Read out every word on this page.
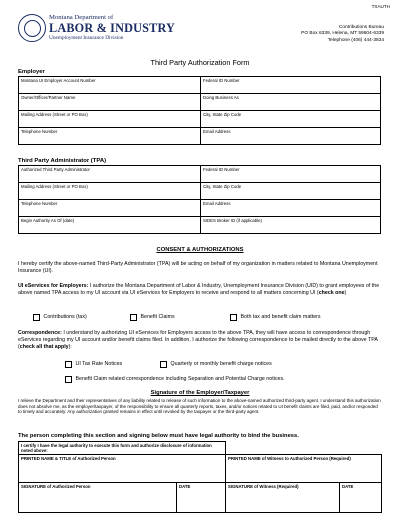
TXAUTH
Montana Department of
LABOR & INDUSTRY
Unemployment Insurance Division
Contributions Bureau
PO Box 6339, Helena, MT 59604-6339
Telephone (406) 444-3834
Third Party Authorization Form
Employer
Montana UI Employer Account Number	Federal ID Number
Owner/Officer/Partner Name	Doing Business As
Mailing Address (Street or PO Box)	City, State Zip Code
Telephone Number	Email Address
Third Party Administrator (TPA)
Authorized Third Party Administrator	Federal ID Number
Mailing Address (Street or PO Box)	City, State Zip Code
Telephone Number	Email Address
Begin Authority As Of (date)	SIDES Broker ID (if applicable)
CONSENT & AUTHORIZATIONS
I hereby certify the above-named Third-Party Administrator (TPA) will be acting on behalf of my organization in matters related to Montana Unemployment Insurance (UI).
UI eServices for Employers: I authorize the Montana Department of Labor & Industry, Unemployment Insurance Division (UID) to grant employees of the above named TPA access to my UI account via UI eServices for Employers to receive and respond to all matters concerning UI (check one)
Contributions (tax)	Benefit Claims	Both tax and benefit claim matters
Correspondence: I understand by authorizing UI eServices for Employers access to the above TPA, they will have access to correspondence through eServices regarding my UI account and/or benefit claims filed. In addition, I authorize the following correspondence to be mailed directly to the above TPA (check all that apply):
UI Tax Rate Notices	Quarterly or monthly benefit charge notices
Benefit Claim related correspondence including Separation and Potential Charge notices.
Signature of the Employer/Taxpayer
I relieve the Department and their representatives of any liability related to release of such information to the above-named authorized third-party agent. I understand this authorization does not absolve me, as the employer/taxpayer, of the responsibility to ensure all quarterly reports, taxes, and/or notices related to UI benefit claims are filed, paid, and/or responded to timely and accurately. Any authorization granted remains in effect until revoked by the taxpayer or the third-party agent.
The person completing this section and signing below must have legal authority to bind the business.
I certify I have the legal authority to execute this form and authorize disclosure of information noted above:			
PRINTED NAME & TITLE of Authorized Person		PRINTED NAME of Witness to Authorized Person (Required)	
SIGNATURE of Authorized Person	DATE	SIGNATURE of Witness (Required)	DATE
